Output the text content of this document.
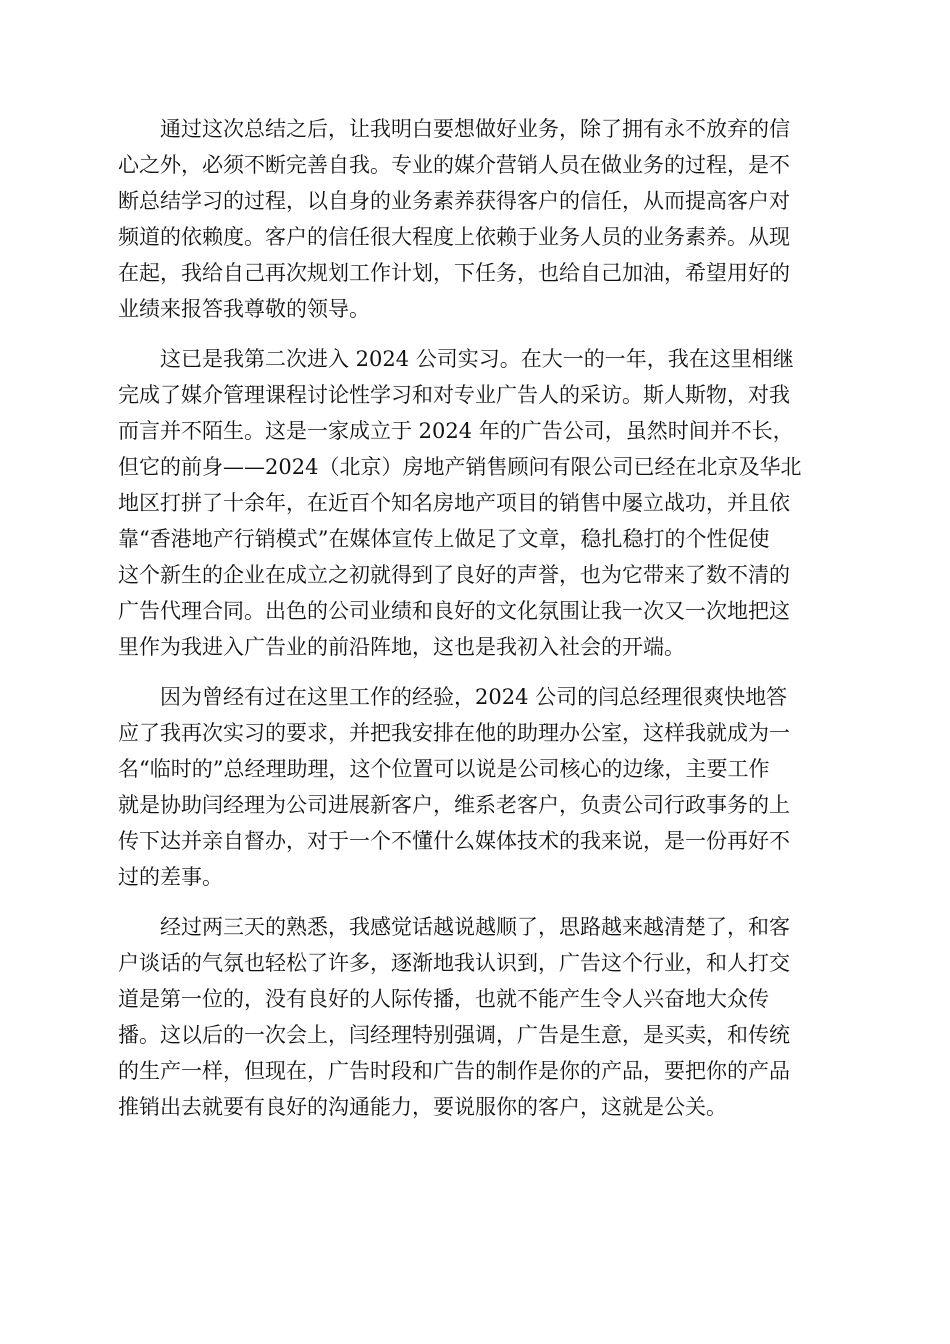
通过这次总结之后，让我明白要想做好业务，除了拥有永不放弃的信
心之外，必须不断完善自我。专业的媒介营销人员在做业务的过程，是不
断总结学习的过程，以自身的业务素养获得客户的信任，从而提高客户对
频道的依赖度。客户的信任很大程度上依赖于业务人员的业务素养。从现
在起，我给自己再次规划工作计划，下任务，也给自己加油，希望用好的
业绩来报答我尊敬的领导。

这已是我第二次进入 2024 公司实习。在大一的一年，我在这里相继
完成了媒介管理课程讨论性学习和对专业广告人的采访。斯人斯物，对我
而言并不陌生。这是一家成立于 2024 年的广告公司，虽然时间并不长，
但它的前身——2024（北京）房地产销售顾问有限公司已经在北京及华北
地区打拼了十余年，在近百个知名房地产项目的销售中屡立战功，并且依
靠“香港地产行销模式”在媒体宣传上做足了文章，稳扎稳打的个性促使
这个新生的企业在成立之初就得到了良好的声誉，也为它带来了数不清的
广告代理合同。出色的公司业绩和良好的文化氛围让我一次又一次地把这
里作为我进入广告业的前沿阵地，这也是我初入社会的开端。

因为曾经有过在这里工作的经验，2024 公司的闫总经理很爽快地答
应了我再次实习的要求，并把我安排在他的助理办公室，这样我就成为一
名“临时的”总经理助理，这个位置可以说是公司核心的边缘，主要工作
就是协助闫经理为公司进展新客户，维系老客户，负责公司行政事务的上
传下达并亲自督办，对于一个不懂什么媒体技术的我来说，是一份再好不
过的差事。

经过两三天的熟悉，我感觉话越说越顺了，思路越来越清楚了，和客
户谈话的气氛也轻松了许多，逐渐地我认识到，广告这个行业，和人打交
道是第一位的，没有良好的人际传播，也就不能产生令人兴奋地大众传
播。这以后的一次会上，闫经理特别强调，广告是生意，是买卖，和传统
的生产一样，但现在，广告时段和广告的制作是你的产品，要把你的产品
推销出去就要有良好的沟通能力，要说服你的客户，这就是公关。
